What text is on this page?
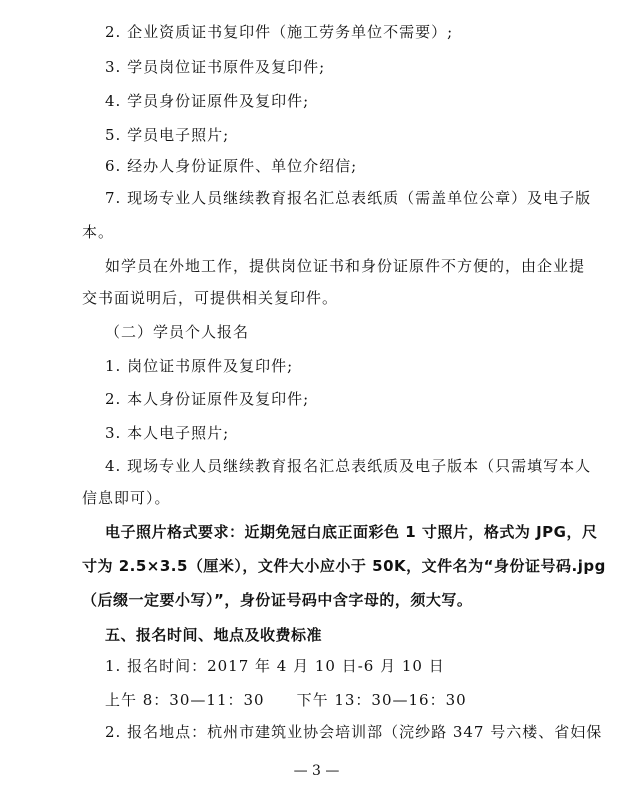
2. 企业资质证书复印件（施工劳务单位不需要）;
3. 学员岗位证书原件及复印件;
4. 学员身份证原件及复印件;
5. 学员电子照片;
6. 经办人身份证原件、单位介绍信;
7. 现场专业人员继续教育报名汇总表纸质（需盖单位公章）及电子版
本。
如学员在外地工作，提供岗位证书和身份证原件不方便的，由企业提
交书面说明后，可提供相关复印件。
（二）学员个人报名
1. 岗位证书原件及复印件;
2. 本人身份证原件及复印件;
3. 本人电子照片;
4. 现场专业人员继续教育报名汇总表纸质及电子版本（只需填写本人
信息即可）。
电子照片格式要求：近期免冠白底正面彩色 1 寸照片，格式为 JPG，尺
寸为 2.5×3.5（厘米），文件大小应小于 50K，文件名为“身份证号码.jpg
（后缀一定要小写）”，身份证号码中含字母的，须大写。
五、报名时间、地点及收费标准
1. 报名时间：2017 年 4 月 10 日-6 月 10 日
上午 8：30—11：30　　下午 13：30—16：30
2. 报名地点：杭州市建筑业协会培训部（浣纱路 347 号六楼、省妇保
— 3 —
